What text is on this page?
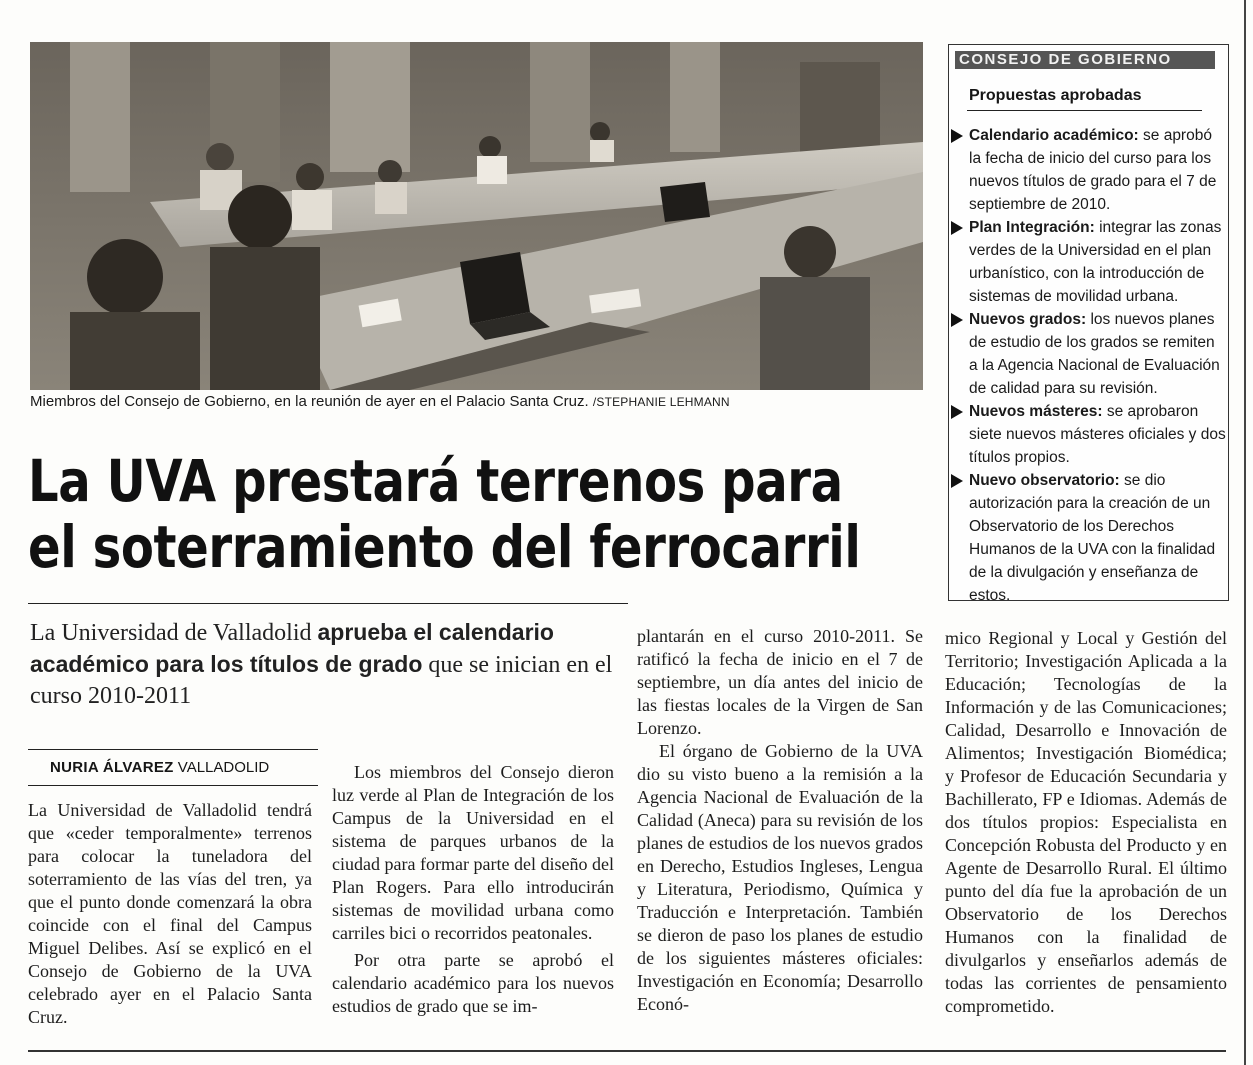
Miembros del Consejo de Gobierno, en la reunión de ayer en el Palacio Santa Cruz. /STEPHANIE LEHMANN
La UVA prestará terrenos para
el soterramiento del ferrocarril
La Universidad de Valladolid aprueba el calendario académico para los títulos de grado que se inician en el curso 2010-2011
NURIA ÁLVAREZ VALLADOLID

La Universidad de Valladolid tendrá que «ceder temporalmente» terrenos para colocar la tuneladora del soterramiento de las vías del tren, ya que el punto donde comenzará la obra coincide con el final del Campus Miguel Delibes. Así se explicó en el Consejo de Gobierno de la UVA celebrado ayer en el Palacio Santa Cruz.

Los miembros del Consejo dieron luz verde al Plan de Integración de los Campus de la Universidad en el sistema de parques urbanos de la ciudad para formar parte del diseño del Plan Rogers. Para ello introducirán sistemas de movilidad urbana como carriles bici o recorridos peatonales.

Por otra parte se aprobó el calendario académico para los nuevos estudios de grado que se im-

plantarán en el curso 2010-2011. Se ratificó la fecha de inicio en el 7 de septiembre, un día antes del inicio de las fiestas locales de la Virgen de San Lorenzo.

El órgano de Gobierno de la UVA dio su visto bueno a la remisión a la Agencia Nacional de Evaluación de la Calidad (Aneca) para su revisión de los planes de estudios de los nuevos grados en Derecho, Estudios Ingleses, Lengua y Literatura, Periodismo, Química y Traducción e Interpretación. También se dieron de paso los planes de estudio de los siguientes másteres oficiales: Investigación en Economía; Desarrollo Econó-

mico Regional y Local y Gestión del Territorio; Investigación Aplicada a la Educación; Tecnologías de la Información y de las Comunicaciones; Calidad, Desarrollo e Innovación de Alimentos; Investigación Biomédica; y Profesor de Educación Secundaria y Bachillerato, FP e Idiomas. Además de dos títulos propios: Especialista en Concepción Robusta del Producto y en Agente de Desarrollo Rural. El último punto del día fue la aprobación de un Observatorio de los Derechos Humanos con la finalidad de divulgarlos y enseñarlos además de todas las corrientes de pensamiento comprometido.

CONSEJO DE GOBIERNO
Propuestas aprobadas
Calendario académico: se aprobó la fecha de inicio del curso para los nuevos títulos de grado para el 7 de septiembre de 2010.
Plan Integración: integrar las zonas verdes de la Universidad en el plan urbanístico, con la introducción de sistemas de movilidad urbana.
Nuevos grados: los nuevos planes de estudio de los grados se remiten a la Agencia Nacional de Evaluación de calidad para su revisión.
Nuevos másteres: se aprobaron siete nuevos másteres oficiales y dos títulos propios.
Nuevo observatorio: se dio autorización para la creación de un Observatorio de los Derechos Humanos de la UVA con la finalidad de la divulgación y enseñanza de estos.
